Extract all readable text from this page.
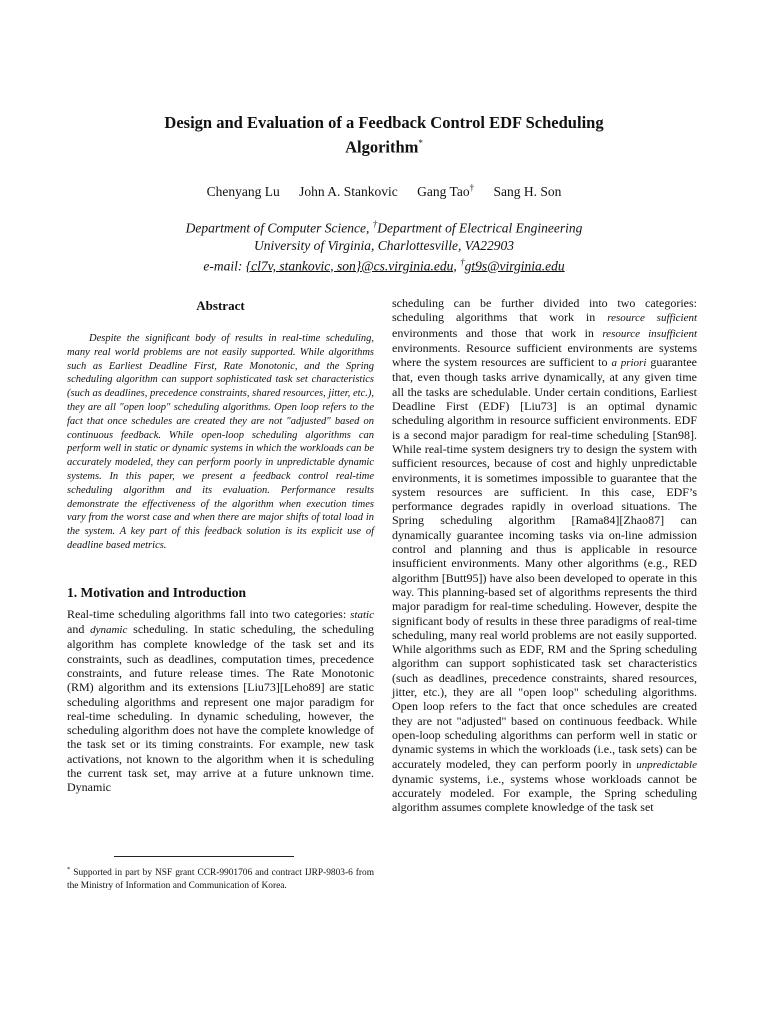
Design and Evaluation of a Feedback Control EDF Scheduling
Algorithm*
Chenyang Lu John A. Stankovic Gang Tao† Sang H. Son
Department of Computer Science, †Department of Electrical Engineering
University of Virginia, Charlottesville, VA22903
e-mail: {cl7v, stankovic, son}@cs.virginia.edu, †gt9s@virginia.edu
Abstract

Despite the significant body of results in real-time scheduling, many real world problems are not easily supported. While algorithms such as Earliest Deadline First, Rate Monotonic, and the Spring scheduling algorithm can support sophisticated task set characteristics (such as deadlines, precedence constraints, shared resources, jitter, etc.), they are all "open loop" scheduling algorithms. Open loop refers to the fact that once schedules are created they are not "adjusted" based on continuous feedback. While open-loop scheduling algorithms can perform well in static or dynamic systems in which the workloads can be accurately modeled, they can perform poorly in unpredictable dynamic systems. In this paper, we present a feedback control real-time scheduling algorithm and its evaluation. Performance results demonstrate the effectiveness of the algorithm when execution times vary from the worst case and when there are major shifts of total load in the system. A key part of this feedback solution is its explicit use of deadline based metrics.

1. Motivation and Introduction

Real-time scheduling algorithms fall into two categories: static and dynamic scheduling. In static scheduling, the scheduling algorithm has complete knowledge of the task set and its constraints, such as deadlines, computation times, precedence constraints, and future release times. The Rate Monotonic (RM) algorithm and its extensions [Liu73][Leho89] are static scheduling algorithms and represent one major paradigm for real-time scheduling. In dynamic scheduling, however, the scheduling algorithm does not have the complete knowledge of the task set or its timing constraints. For example, new task activations, not known to the algorithm when it is scheduling the current task set, may arrive at a future unknown time. Dynamic

scheduling can be further divided into two categories: scheduling algorithms that work in resource sufficient environments and those that work in resource insufficient environments. Resource sufficient environments are systems where the system resources are sufficient to a priori guarantee that, even though tasks arrive dynamically, at any given time all the tasks are schedulable. Under certain conditions, Earliest Deadline First (EDF) [Liu73] is an optimal dynamic scheduling algorithm in resource sufficient environments. EDF is a second major paradigm for real-time scheduling [Stan98]. While real-time system designers try to design the system with sufficient resources, because of cost and highly unpredictable environments, it is sometimes impossible to guarantee that the system resources are sufficient. In this case, EDF’s performance degrades rapidly in overload situations. The Spring scheduling algorithm [Rama84][Zhao87] can dynamically guarantee incoming tasks via on-line admission control and planning and thus is applicable in resource insufficient environments. Many other algorithms (e.g., RED algorithm [Butt95]) have also been developed to operate in this way. This planning-based set of algorithms represents the third major paradigm for real-time scheduling. However, despite the significant body of results in these three paradigms of real-time scheduling, many real world problems are not easily supported. While algorithms such as EDF, RM and the Spring scheduling algorithm can support sophisticated task set characteristics (such as deadlines, precedence constraints, shared resources, jitter, etc.), they are all "open loop" scheduling algorithms. Open loop refers to the fact that once schedules are created they are not "adjusted" based on continuous feedback. While open-loop scheduling algorithms can perform well in static or dynamic systems in which the workloads (i.e., task sets) can be accurately modeled, they can perform poorly in unpredictable dynamic systems, i.e., systems whose workloads cannot be accurately modeled. For example, the Spring scheduling algorithm assumes complete knowledge of the task set

* Supported in part by NSF grant CCR-9901706 and contract IJRP-9803-6 from the Ministry of Information and Communication of Korea.
